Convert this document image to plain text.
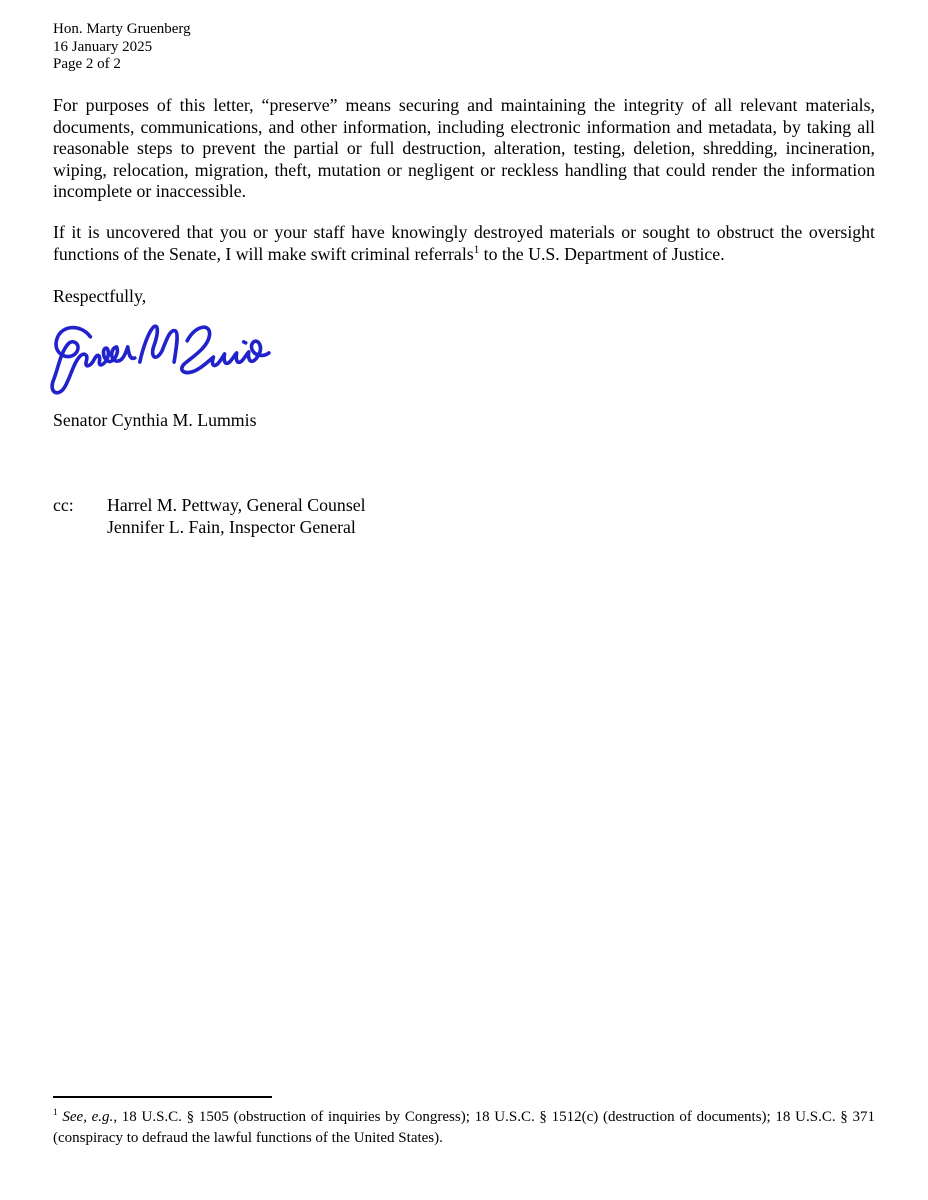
Hon. Marty Gruenberg
16 January 2025
Page 2 of 2

For purposes of this letter, “preserve” means securing and maintaining the integrity of all relevant materials, documents, communications, and other information, including electronic information and metadata, by taking all reasonable steps to prevent the partial or full destruction, alteration, testing, deletion, shredding, incineration, wiping, relocation, migration, theft, mutation or negligent or reckless handling that could render the information incomplete or inaccessible.

If it is uncovered that you or your staff have knowingly destroyed materials or sought to obstruct the oversight functions of the Senate, I will make swift criminal referrals$^1$ to the U.S. Department of Justice.

Respectfully,

Senator Cynthia M. Lummis
cc:	Harrel M. Pettway, General Counsel
Jennifer L. Fain, Inspector General

$^1$ See, e.g., 18 U.S.C. § 1505 (obstruction of inquiries by Congress); 18 U.S.C. § 1512(c) (destruction of documents); 18 U.S.C. § 371 (conspiracy to defraud the lawful functions of the United States).
